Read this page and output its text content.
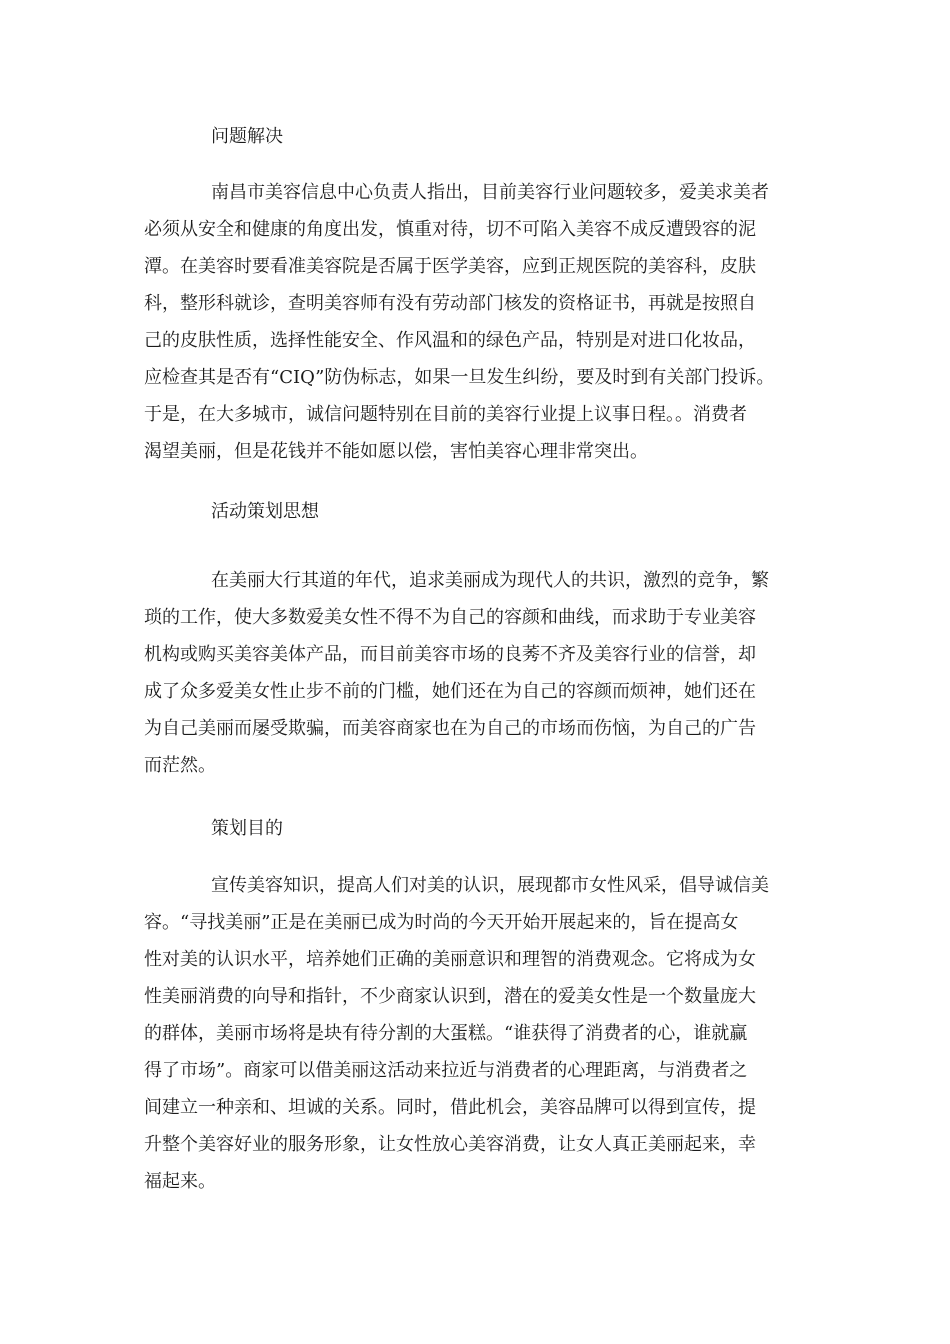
问题解决

南昌市美容信息中心负责人指出，目前美容行业问题较多，爱美求美者

必须从安全和健康的角度出发，慎重对待，切不可陷入美容不成反遭毁容的泥

潭。在美容时要看准美容院是否属于医学美容，应到正规医院的美容科，皮肤

科，整形科就诊，查明美容师有没有劳动部门核发的资格证书，再就是按照自

己的皮肤性质，选择性能安全、作风温和的绿色产品，特别是对进口化妆品，

应检查其是否有“CIQ”防伪标志，如果一旦发生纠纷，要及时到有关部门投诉。

于是，在大多城市，诚信问题特别在目前的美容行业提上议事日程。。消费者

渴望美丽，但是花钱并不能如愿以偿，害怕美容心理非常突出。

活动策划思想

在美丽大行其道的年代，追求美丽成为现代人的共识，激烈的竞争，繁

琐的工作，使大多数爱美女性不得不为自己的容颜和曲线，而求助于专业美容

机构或购买美容美体产品，而目前美容市场的良莠不齐及美容行业的信誉，却

成了众多爱美女性止步不前的门槛，她们还在为自己的容颜而烦神，她们还在

为自己美丽而屡受欺骗，而美容商家也在为自己的市场而伤恼，为自己的广告

而茫然。

策划目的

宣传美容知识，提高人们对美的认识，展现都市女性风采，倡导诚信美

容。“寻找美丽”正是在美丽已成为时尚的今天开始开展起来的，旨在提高女

性对美的认识水平，培养她们正确的美丽意识和理智的消费观念。它将成为女

性美丽消费的向导和指针，不少商家认识到，潜在的爱美女性是一个数量庞大

的群体，美丽市场将是块有待分割的大蛋糕。“谁获得了消费者的心，谁就赢

得了市场”。商家可以借美丽这活动来拉近与消费者的心理距离，与消费者之

间建立一种亲和、坦诚的关系。同时，借此机会，美容品牌可以得到宣传，提

升整个美容好业的服务形象，让女性放心美容消费，让女人真正美丽起来，幸

福起来。
